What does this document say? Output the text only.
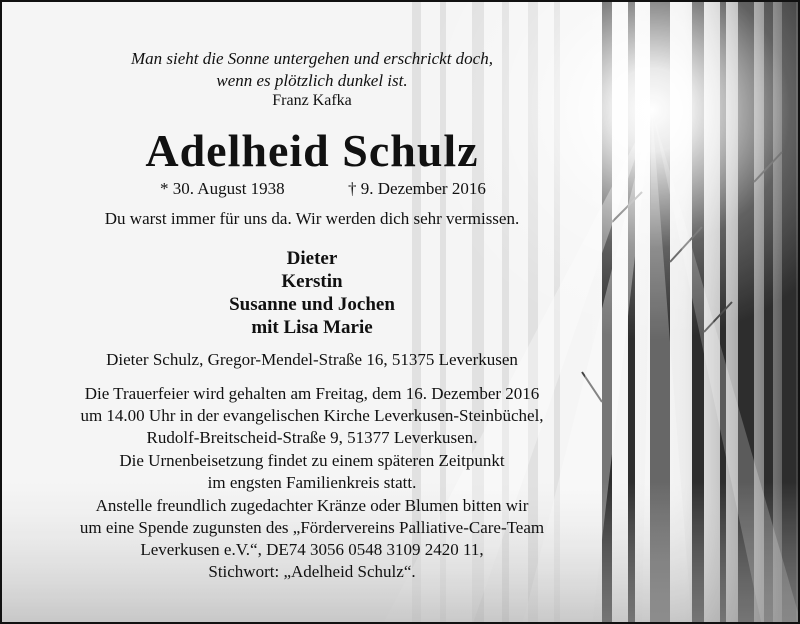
Man sieht die Sonne untergehen und erschrickt doch,
wenn es plötzlich dunkel ist.
Franz Kafka
Adelheid Schulz
* 30. August 1938	† 9. Dezember 2016
Du warst immer für uns da. Wir werden dich sehr vermissen.
Dieter
Kerstin
Susanne und Jochen
mit Lisa Marie
Dieter Schulz, Gregor-Mendel-Straße 16, 51375 Leverkusen
Die Trauerfeier wird gehalten am Freitag, dem 16. Dezember 2016
um 14.00 Uhr in der evangelischen Kirche Leverkusen-Steinbüchel,
Rudolf-Breitscheid-Straße 9, 51377 Leverkusen.
Die Urnenbeisetzung findet zu einem späteren Zeitpunkt
im engsten Familienkreis statt.
Anstelle freundlich zugedachter Kränze oder Blumen bitten wir
um eine Spende zugunsten des „Fördervereins Palliative-Care-Team
Leverkusen e.V.“, DE74 3056 0548 3109 2420 11,
Stichwort: „Adelheid Schulz“.
